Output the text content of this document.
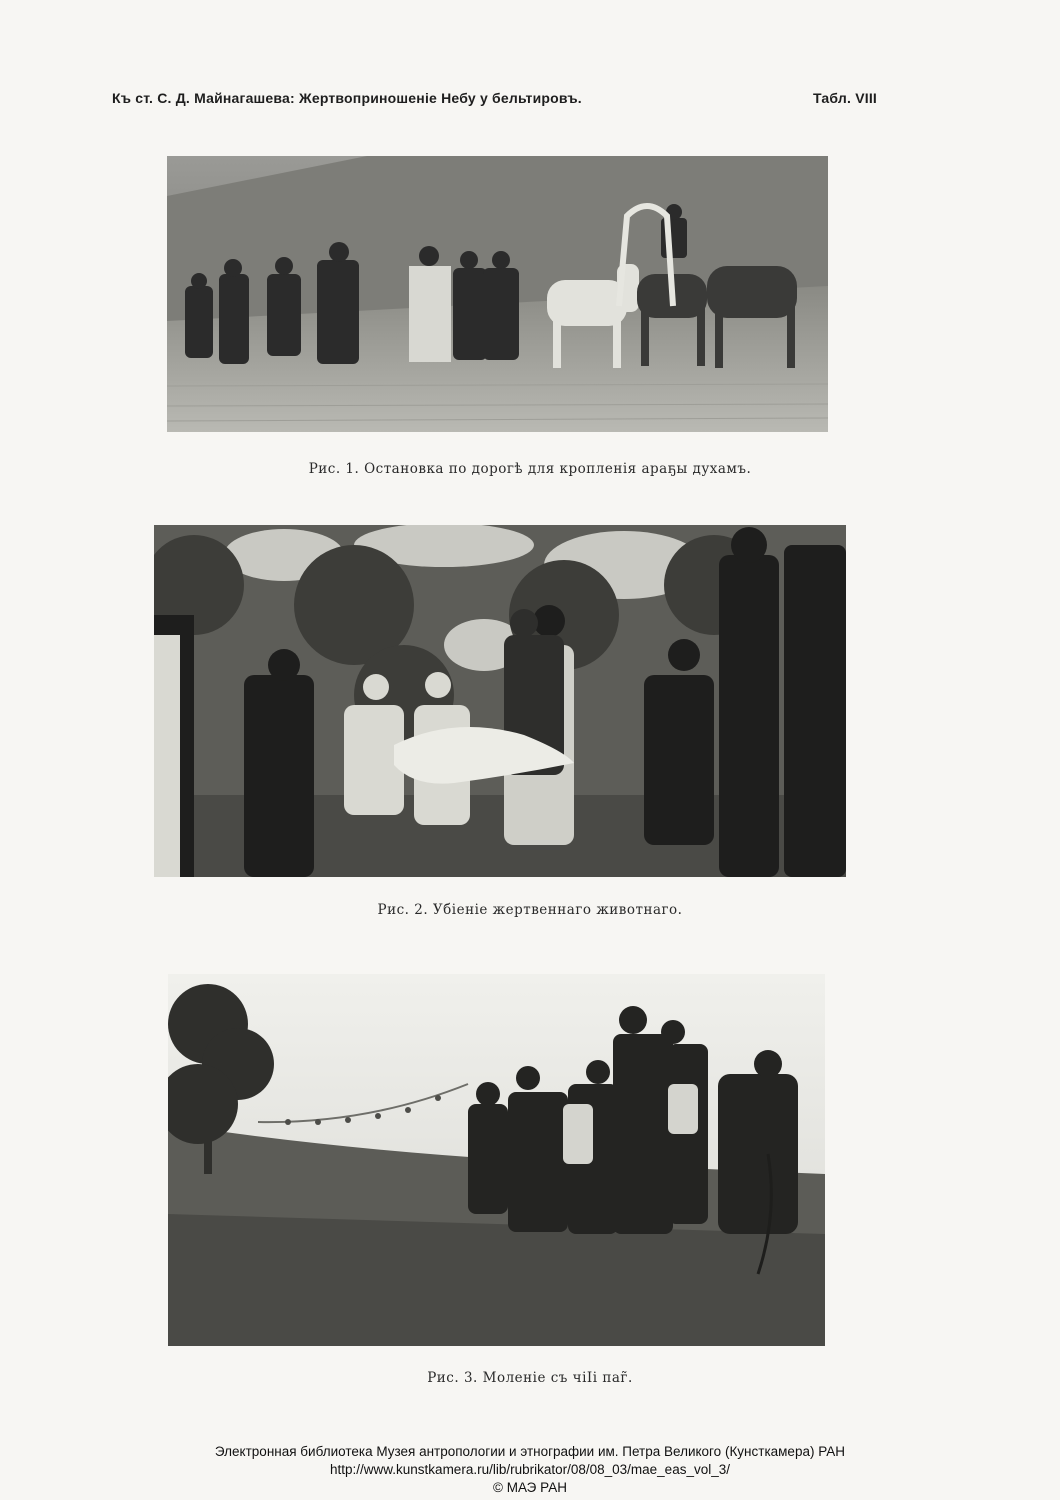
Къ ст. С. Д. Майнагашева: Жертвоприношеніе Небу у бельтировъ.	Табл. VIII
Рис. 1. Остановка по дорогѣ для кропленія араҕы духамъ.
Рис. 2. Убіеніе жертвеннаго животнаго.
Рис. 3. Моленіе съ чіӀі паг̃.
Электронная библиотека Музея антропологии и этнографии им. Петра Великого (Кунсткамера) РАН
http://www.kunstkamera.ru/lib/rubrikator/08/08_03/mae_eas_vol_3/
© МАЭ РАН
